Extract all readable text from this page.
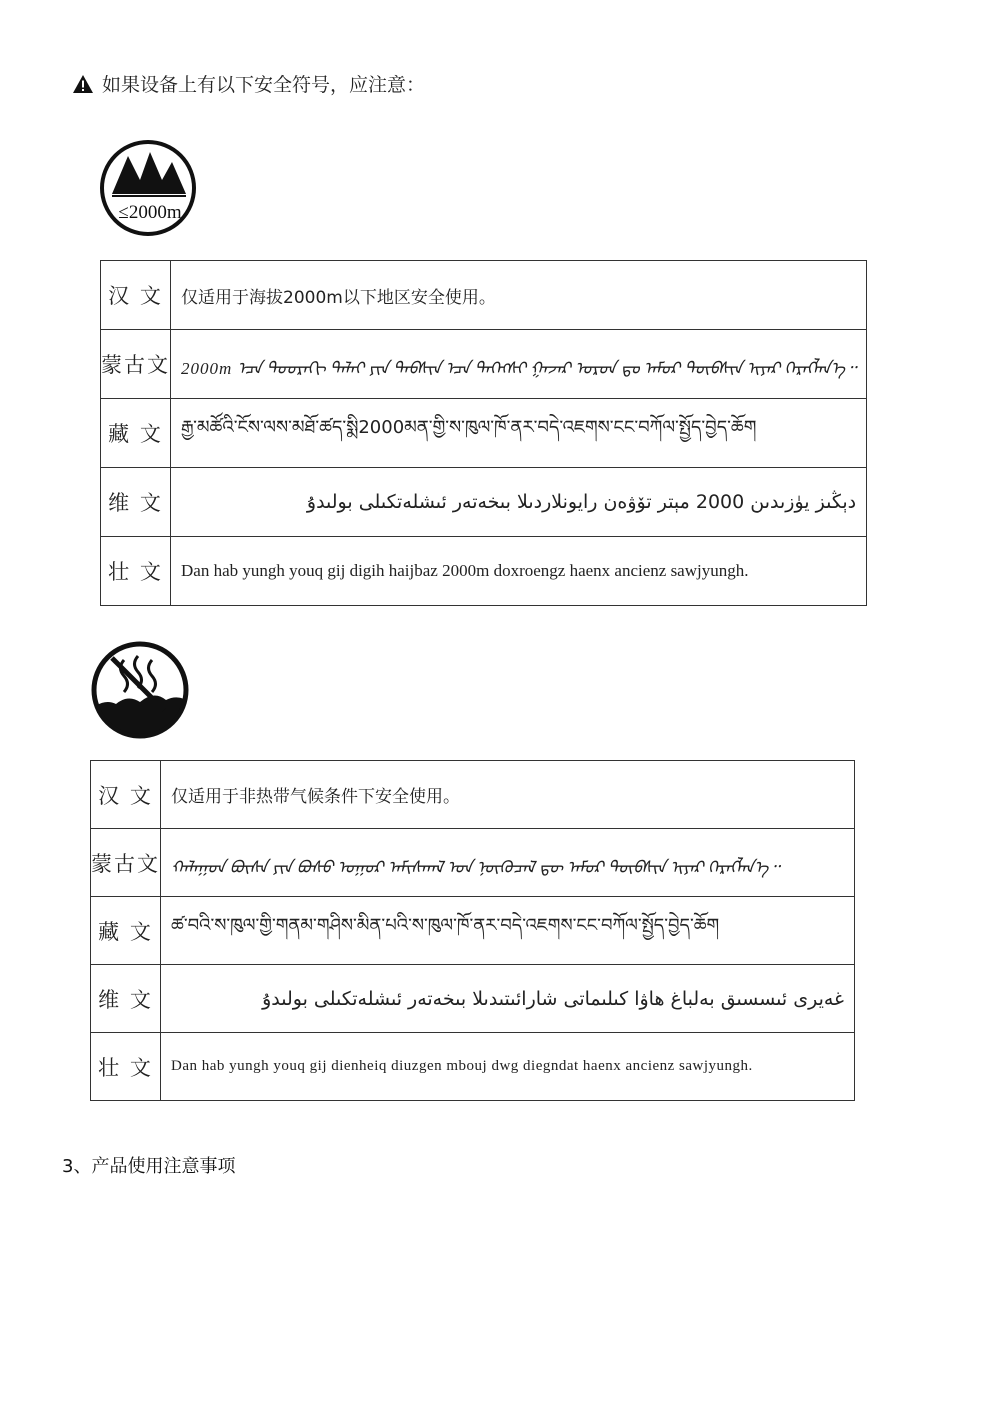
如果设备上有以下安全符号，应注意：
≤2000m
汉 文	仅适用于海拔2000m以下地区安全使用。
蒙古文	2000m ᠡᠴᠡ ᠳᠣᠣᠷᠠᠬᠢ ᠳᠠᠯᠠᠢ ᠶᠢᠨ ᠲᠡᠪᠰᠢᠨ ᠡᠴᠡ ᠳᠡᠭᠡᠭᠰᠢ ᠭᠠᠵᠠᠷ ᠤᠷᠤᠨ ᠳᠤ ᠠᠮᠤᠷ ᠲᠦᠪᠰᠢᠨ ᠢᠶᠠᠷ ᠬᠡᠷᠡᠭᠯᠡᠨ᠎ᠡ᠃
藏 文	རྒྱ་མཚོའི་ངོས་ལས་མཐོ་ཚད་སྨི2000མན་གྱི་ས་ཁུལ་ཁོ་ནར་བདེ་འཇགས་ངང་བཀོལ་སྤྱོད་བྱེད་ཆོག
维 文	دېڭىز يۈزىدىن 2000 مېتر تۆۋەن رايونلاردىلا بىخەتەر ئىشلەتكىلى بولىدۇ
壮 文	Dan hab yungh youq gij digih haijbaz 2000m doxroengz haenx ancienz sawjyungh.
汉 文	仅适用于非热带气候条件下安全使用。
蒙古文	ᠬᠠᠯᠠᠭᠤᠨ ᠪᠦᠰᠡ ᠶᠢᠨ ᠪᠤᠰᠤ ᠤᠭᠤᠷ ᠠᠮᠢᠰᠭᠠᠯ ᠤᠨ ᠨᠥᠬᠦᠴᠡᠯ ᠳᠦ ᠠᠮᠤᠷ ᠲᠦᠪᠰᠢᠨ ᠢᠶᠠᠷ ᠬᠡᠷᠡᠭᠯᠡᠨ᠎ᠡ᠃
藏 文	ཚ་བའི་ས་ཁུལ་གྱི་གནམ་གཤིས་མིན་པའི་ས་ཁུལ་ཁོ་ནར་བདེ་འཇགས་ངང་བཀོལ་སྤྱོད་བྱེད་ཆོག
维 文	غەيرى ئىسسىق بەلباغ ھاۋا كىلىماتى شارائىتىدىلا بىخەتەر ئىشلەتكىلى بولىدۇ
壮 文	Dan hab yungh youq gij dienheiq diuzgen mbouj dwg diegndat haenx ancienz sawjyungh.
3、产品使用注意事项
